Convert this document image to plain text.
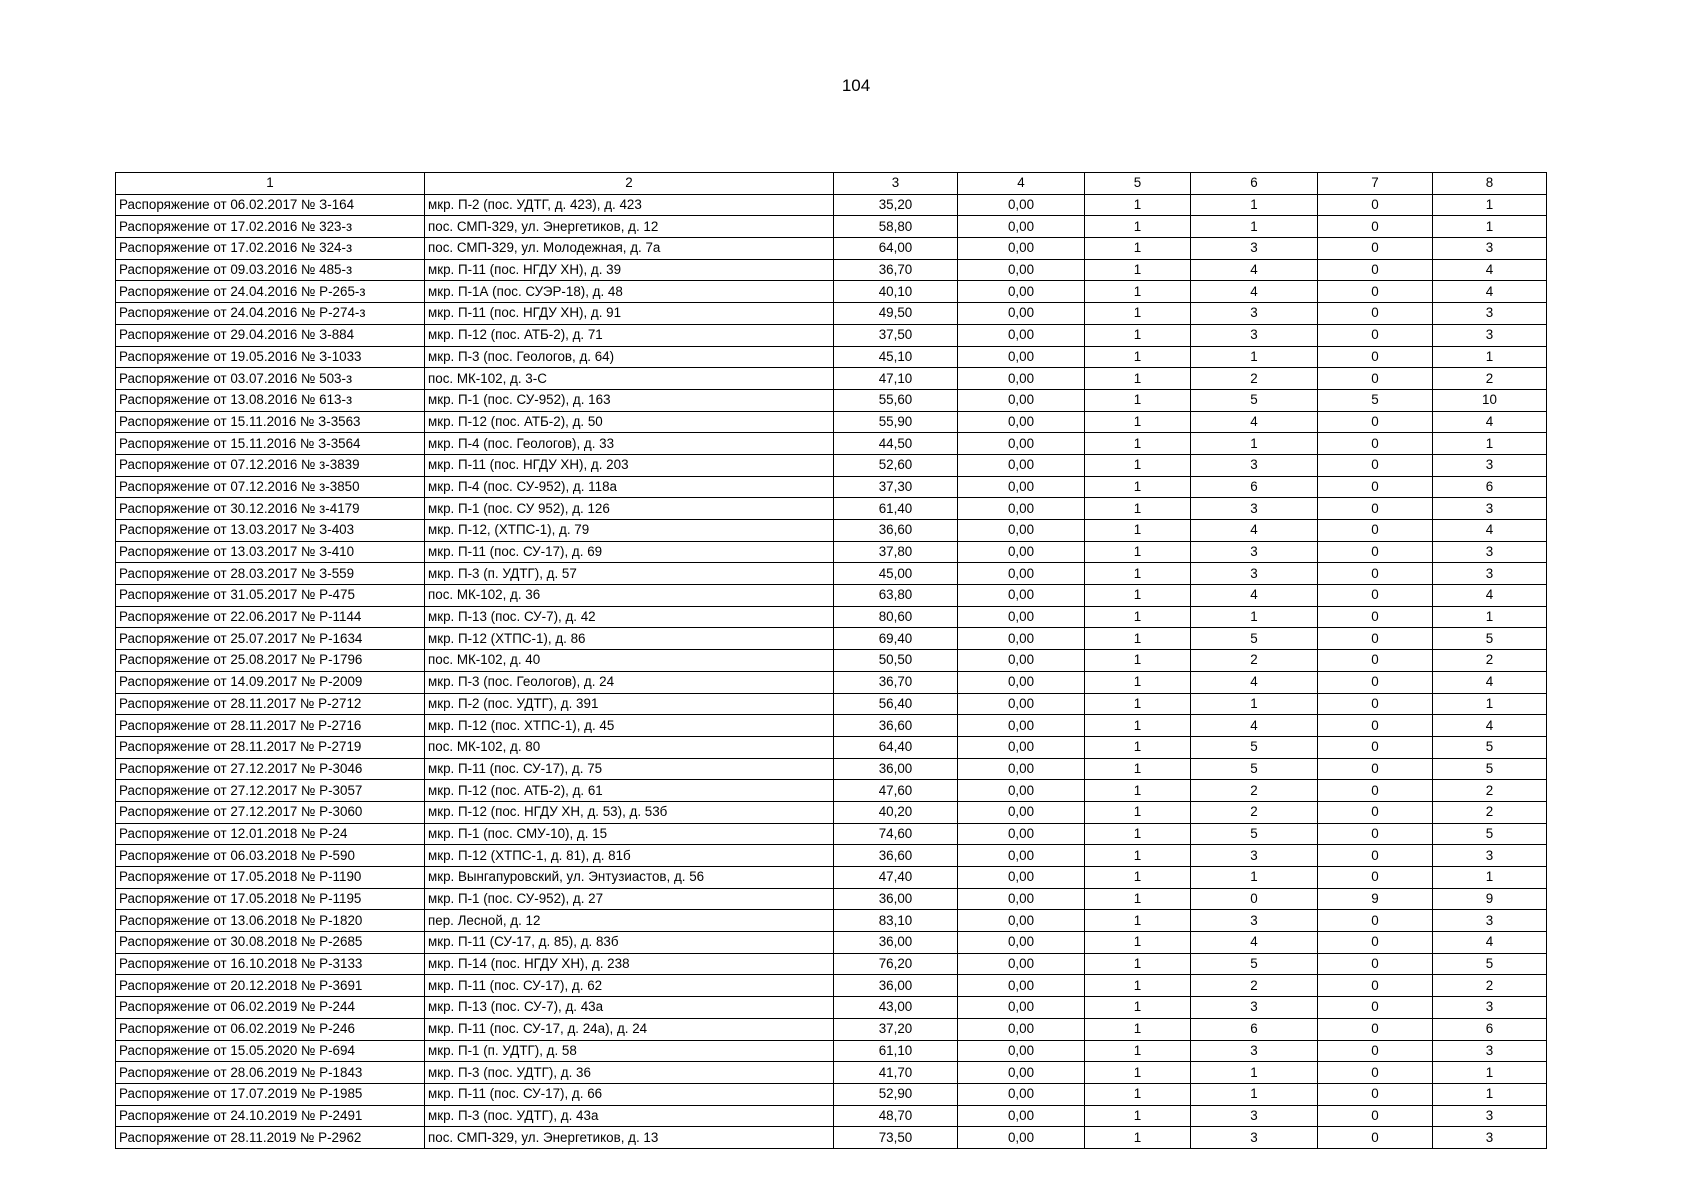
104
1	2	3	4	5	6	7	8
Распоряжение от 06.02.2017 № З-164	мкр. П-2 (пос. УДТГ, д. 423), д. 423	35,20	0,00	1	1	0	1
Распоряжение от 17.02.2016 № 323-з	пос. СМП-329, ул. Энергетиков, д. 12	58,80	0,00	1	1	0	1
Распоряжение от 17.02.2016 № 324-з	пос. СМП-329, ул. Молодежная, д. 7а	64,00	0,00	1	3	0	3
Распоряжение от 09.03.2016 № 485-з	мкр. П-11 (пос. НГДУ ХН), д. 39	36,70	0,00	1	4	0	4
Распоряжение от 24.04.2016 № Р-265-з	мкр. П-1А (пос. СУЭР-18), д. 48	40,10	0,00	1	4	0	4
Распоряжение от 24.04.2016 № Р-274-з	мкр. П-11 (пос. НГДУ ХН), д. 91	49,50	0,00	1	3	0	3
Распоряжение от 29.04.2016 № З-884	мкр. П-12 (пос. АТБ-2), д. 71	37,50	0,00	1	3	0	3
Распоряжение от 19.05.2016 № З-1033	мкр. П-3 (пос. Геологов, д. 64)	45,10	0,00	1	1	0	1
Распоряжение от 03.07.2016 № 503-з	пос. МК-102, д. 3-С	47,10	0,00	1	2	0	2
Распоряжение от 13.08.2016 № 613-з	мкр. П-1 (пос. СУ-952), д. 163	55,60	0,00	1	5	5	10
Распоряжение от 15.11.2016 № З-3563	мкр. П-12 (пос. АТБ-2), д. 50	55,90	0,00	1	4	0	4
Распоряжение от 15.11.2016 № З-3564	мкр. П-4 (пос. Геологов), д. 33	44,50	0,00	1	1	0	1
Распоряжение от 07.12.2016 № з-3839	мкр. П-11 (пос. НГДУ ХН), д. 203	52,60	0,00	1	3	0	3
Распоряжение от 07.12.2016 № з-3850	мкр. П-4 (пос. СУ-952), д. 118а	37,30	0,00	1	6	0	6
Распоряжение от 30.12.2016 № з-4179	мкр. П-1 (пос. СУ 952), д. 126	61,40	0,00	1	3	0	3
Распоряжение от 13.03.2017 № З-403	мкр. П-12, (ХТПС-1), д. 79	36,60	0,00	1	4	0	4
Распоряжение от 13.03.2017 № З-410	мкр. П-11 (пос. СУ-17), д. 69	37,80	0,00	1	3	0	3
Распоряжение от 28.03.2017 № З-559	мкр. П-3 (п. УДТГ), д. 57	45,00	0,00	1	3	0	3
Распоряжение от 31.05.2017 № Р-475	пос. МК-102, д. 36	63,80	0,00	1	4	0	4
Распоряжение от 22.06.2017 № Р-1144	мкр. П-13 (пос. СУ-7), д. 42	80,60	0,00	1	1	0	1
Распоряжение от 25.07.2017 № Р-1634	мкр. П-12 (ХТПС-1), д. 86	69,40	0,00	1	5	0	5
Распоряжение от 25.08.2017 № Р-1796	пос. МК-102, д. 40	50,50	0,00	1	2	0	2
Распоряжение от 14.09.2017 № Р-2009	мкр. П-3 (пос. Геологов), д. 24	36,70	0,00	1	4	0	4
Распоряжение от 28.11.2017 № Р-2712	мкр. П-2 (пос. УДТГ), д. 391	56,40	0,00	1	1	0	1
Распоряжение от 28.11.2017 № Р-2716	мкр. П-12 (пос. ХТПС-1), д. 45	36,60	0,00	1	4	0	4
Распоряжение от 28.11.2017 № Р-2719	пос. МК-102, д. 80	64,40	0,00	1	5	0	5
Распоряжение от 27.12.2017 № Р-3046	мкр. П-11 (пос. СУ-17), д. 75	36,00	0,00	1	5	0	5
Распоряжение от 27.12.2017 № Р-3057	мкр. П-12 (пос. АТБ-2), д. 61	47,60	0,00	1	2	0	2
Распоряжение от 27.12.2017 № Р-3060	мкр. П-12 (пос. НГДУ ХН, д. 53), д. 53б	40,20	0,00	1	2	0	2
Распоряжение от 12.01.2018 № Р-24	мкр. П-1 (пос. СМУ-10), д. 15	74,60	0,00	1	5	0	5
Распоряжение от 06.03.2018 № Р-590	мкр. П-12 (ХТПС-1, д. 81), д. 81б	36,60	0,00	1	3	0	3
Распоряжение от 17.05.2018 № Р-1190	мкр. Вынгапуровский, ул. Энтузиастов, д. 56	47,40	0,00	1	1	0	1
Распоряжение от 17.05.2018 № Р-1195	мкр. П-1 (пос. СУ-952), д. 27	36,00	0,00	1	0	9	9
Распоряжение от 13.06.2018 № Р-1820	пер. Лесной, д. 12	83,10	0,00	1	3	0	3
Распоряжение от 30.08.2018 № Р-2685	мкр. П-11 (СУ-17, д. 85), д. 83б	36,00	0,00	1	4	0	4
Распоряжение от 16.10.2018 № Р-3133	мкр. П-14 (пос. НГДУ ХН), д. 238	76,20	0,00	1	5	0	5
Распоряжение от 20.12.2018 № Р-3691	мкр. П-11 (пос. СУ-17), д. 62	36,00	0,00	1	2	0	2
Распоряжение от 06.02.2019 № Р-244	мкр. П-13 (пос. СУ-7), д. 43а	43,00	0,00	1	3	0	3
Распоряжение от 06.02.2019 № Р-246	мкр. П-11 (пос. СУ-17, д. 24а), д. 24	37,20	0,00	1	6	0	6
Распоряжение от 15.05.2020 № Р-694	мкр. П-1 (п. УДТГ), д. 58	61,10	0,00	1	3	0	3
Распоряжение от 28.06.2019 № Р-1843	мкр. П-3 (пос. УДТГ), д. 36	41,70	0,00	1	1	0	1
Распоряжение от 17.07.2019 № Р-1985	мкр. П-11 (пос. СУ-17), д. 66	52,90	0,00	1	1	0	1
Распоряжение от 24.10.2019 № Р-2491	мкр. П-3 (пос. УДТГ), д. 43а	48,70	0,00	1	3	0	3
Распоряжение от 28.11.2019 № Р-2962	пос. СМП-329, ул. Энергетиков, д. 13	73,50	0,00	1	3	0	3
